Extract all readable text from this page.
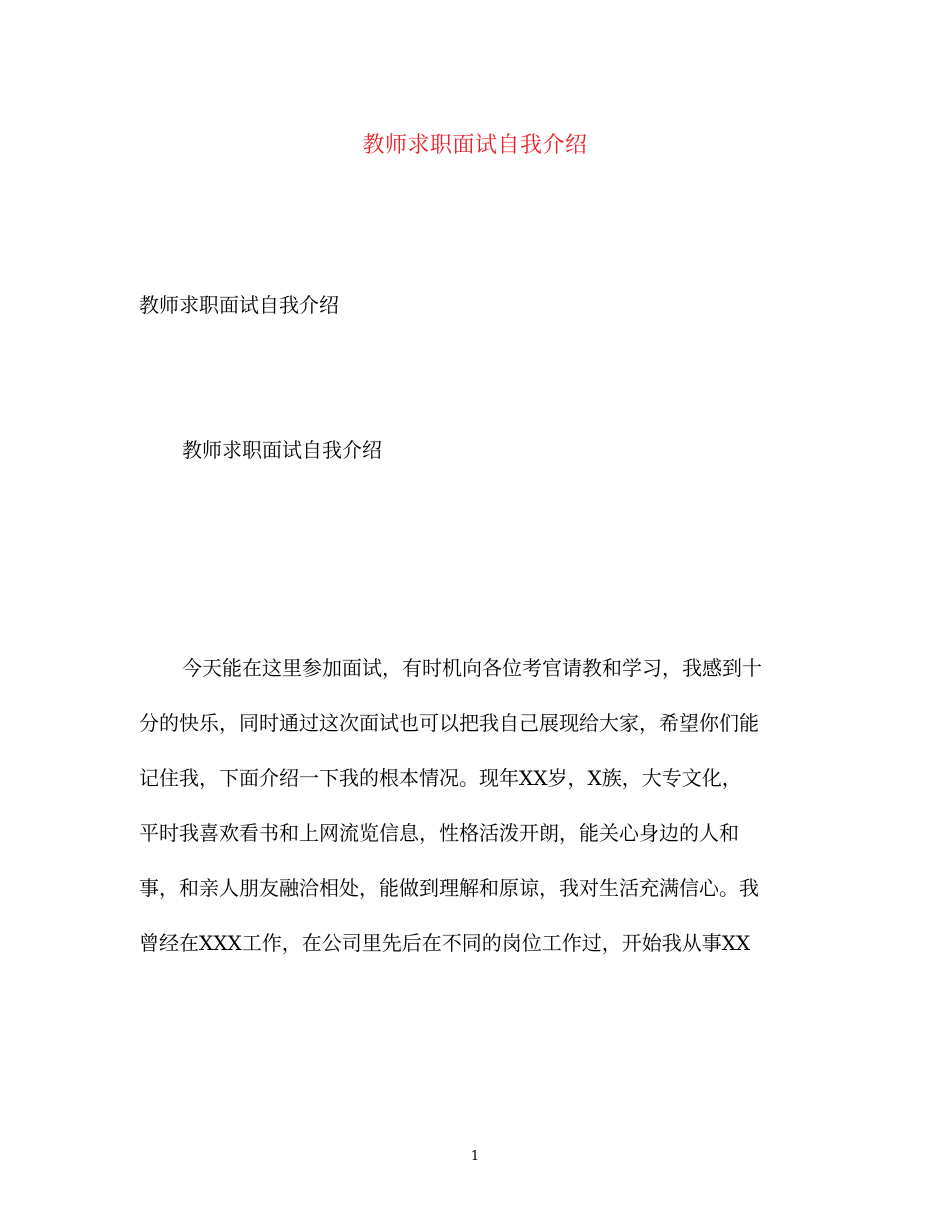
教师求职面试自我介绍
教师求职面试自我介绍
教师求职面试自我介绍
今天能在这里参加面试，有时机向各位考官请教和学习，我感到十
分的快乐，同时通过这次面试也可以把我自己展现给大家，希望你们能
记住我，下面介绍一下我的根本情况。现年XX岁，X族，大专文化，
平时我喜欢看书和上网流览信息，性格活泼开朗，能关心身边的人和
事，和亲人朋友融洽相处，能做到理解和原谅，我对生活充满信心。我
曾经在XXX工作，在公司里先后在不同的岗位工作过，开始我从事XX
1
